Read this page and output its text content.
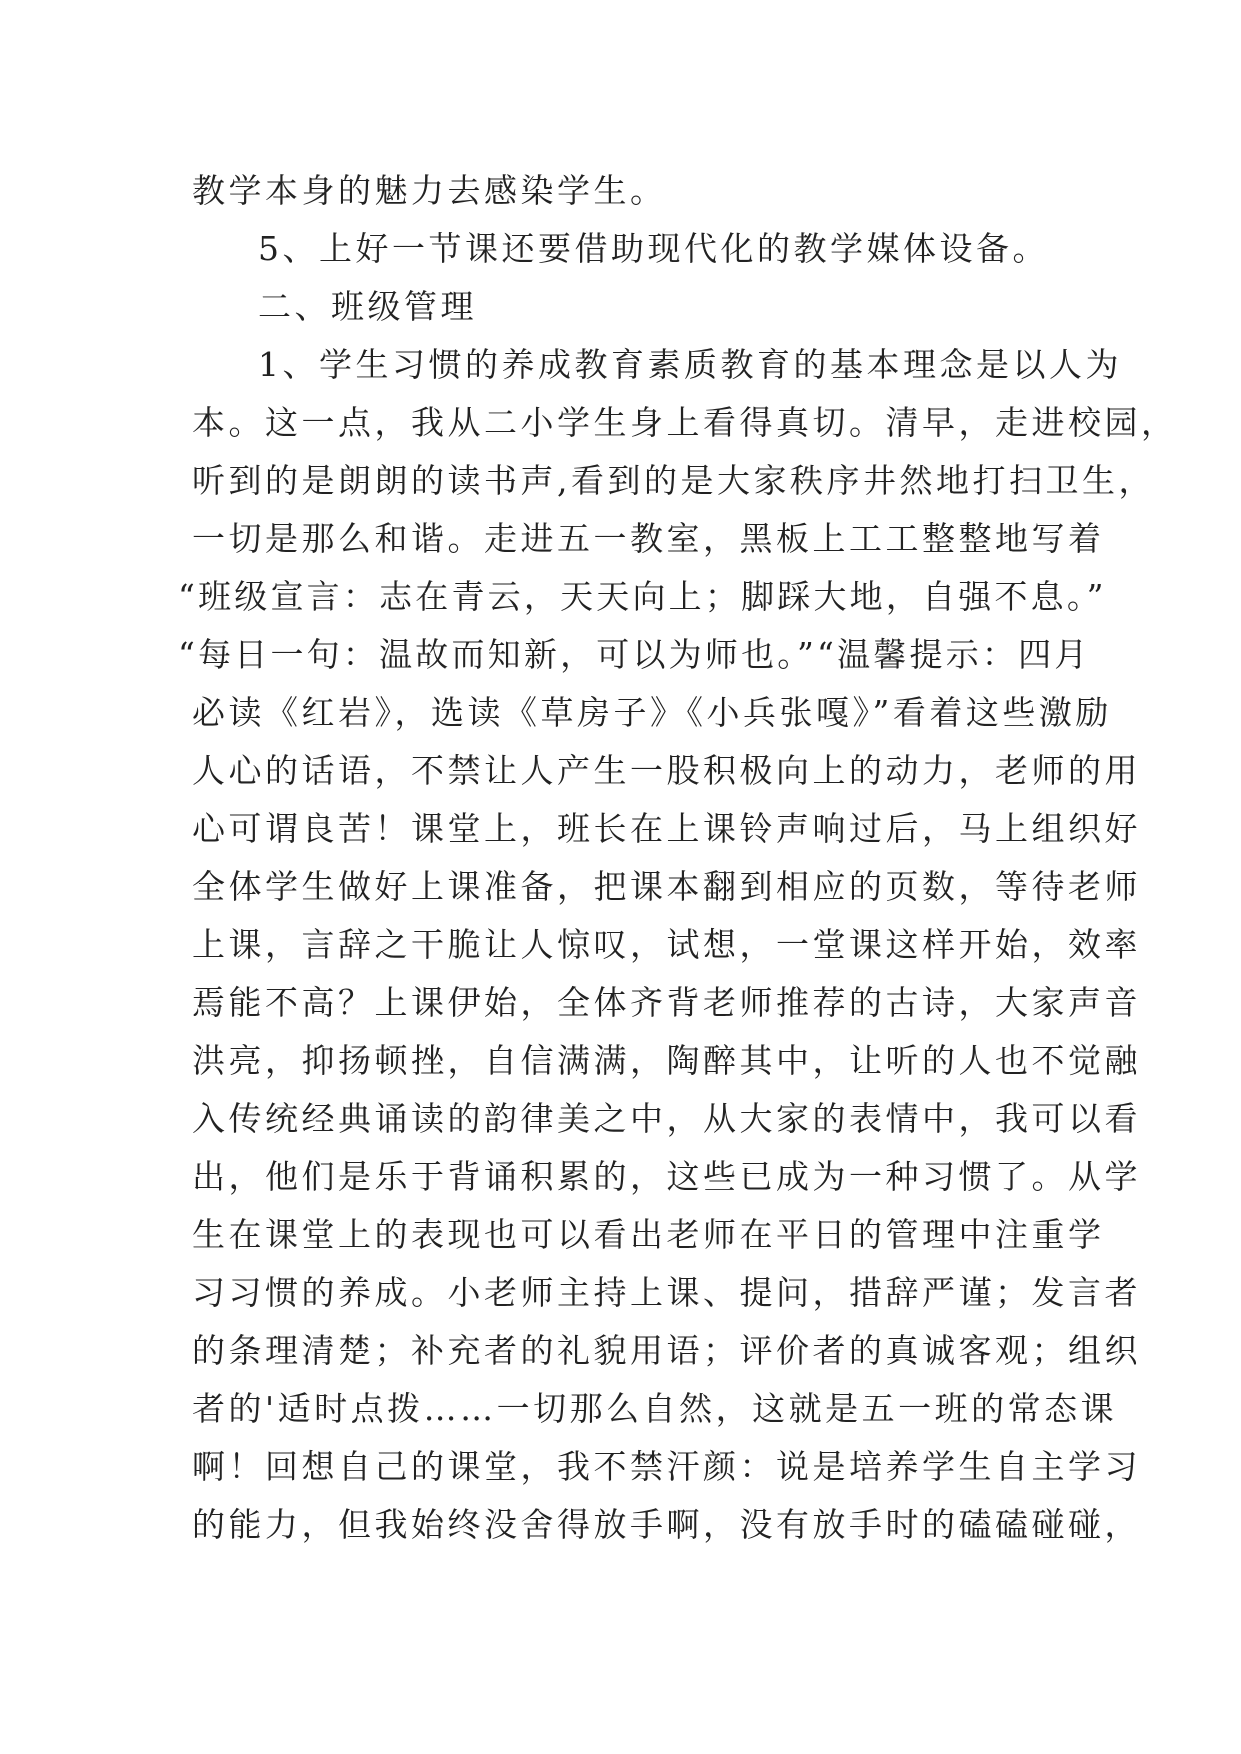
教学本身的魅力去感染学生。
5、上好一节课还要借助现代化的教学媒体设备。
二、班级管理
1、学生习惯的养成教育素质教育的基本理念是以人为
本。这一点，我从二小学生身上看得真切。清早，走进校园，
听到的是朗朗的读书声,看到的是大家秩序井然地打扫卫生，
一切是那么和谐。走进五一教室，黑板上工工整整地写着
“班级宣言：志在青云，天天向上；脚踩大地，自强不息。”
“每日一句：温故而知新，可以为师也。”“温馨提示：四月
必读《红岩》，选读《草房子》《小兵张嘎》”看着这些激励
人心的话语，不禁让人产生一股积极向上的动力，老师的用
心可谓良苦！课堂上，班长在上课铃声响过后，马上组织好
全体学生做好上课准备，把课本翻到相应的页数，等待老师
上课，言辞之干脆让人惊叹，试想，一堂课这样开始，效率
焉能不高？上课伊始，全体齐背老师推荐的古诗，大家声音
洪亮，抑扬顿挫，自信满满，陶醉其中，让听的人也不觉融
入传统经典诵读的韵律美之中，从大家的表情中，我可以看
出，他们是乐于背诵积累的，这些已成为一种习惯了。从学
生在课堂上的表现也可以看出老师在平日的管理中注重学
习习惯的养成。小老师主持上课、提问，措辞严谨；发言者
的条理清楚；补充者的礼貌用语；评价者的真诚客观；组织
者的'适时点拨……一切那么自然，这就是五一班的常态课
啊！回想自己的课堂，我不禁汗颜：说是培养学生自主学习
的能力，但我始终没舍得放手啊，没有放手时的磕磕碰碰，
